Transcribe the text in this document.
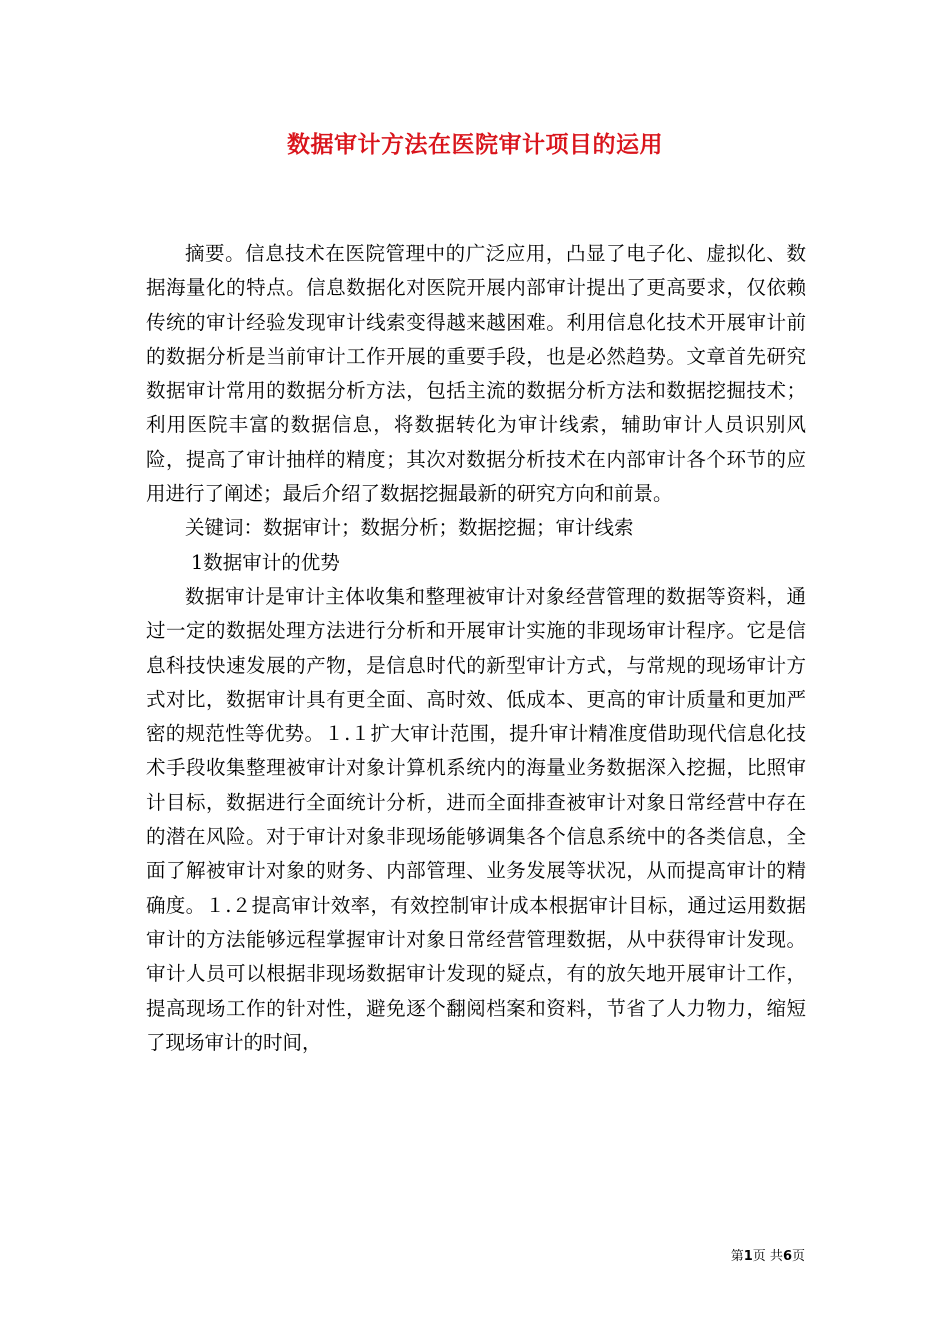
数据审计方法在医院审计项目的运用

摘要。信息技术在医院管理中的广泛应用，凸显了电子化、虚拟化、数据海量化的特点。信息数据化对医院开展内部审计提出了更高要求，仅依赖传统的审计经验发现审计线索变得越来越困难。利用信息化技术开展审计前的数据分析是当前审计工作开展的重要手段，也是必然趋势。文章首先研究数据审计常用的数据分析方法，包括主流的数据分析方法和数据挖掘技术；利用医院丰富的数据信息，将数据转化为审计线索，辅助审计人员识别风险，提高了审计抽样的精度；其次对数据分析技术在内部审计各个环节的应用进行了阐述；最后介绍了数据挖掘最新的研究方向和前景。

关键词：数据审计；数据分析；数据挖掘；审计线索

1数据审计的优势

数据审计是审计主体收集和整理被审计对象经营管理的数据等资料，通过一定的数据处理方法进行分析和开展审计实施的非现场审计程序。它是信息科技快速发展的产物，是信息时代的新型审计方式，与常规的现场审计方式对比，数据审计具有更全面、高时效、低成本、更高的审计质量和更加严密的规范性等优势。１.１扩大审计范围，提升审计精准度借助现代信息化技术手段收集整理被审计对象计算机系统内的海量业务数据深入挖掘，比照审计目标，数据进行全面统计分析，进而全面排查被审计对象日常经营中存在的潜在风险。对于审计对象非现场能够调集各个信息系统中的各类信息，全面了解被审计对象的财务、内部管理、业务发展等状况，从而提高审计的精确度。１.２提高审计效率，有效控制审计成本根据审计目标，通过运用数据审计的方法能够远程掌握审计对象日常经营管理数据，从中获得审计发现。审计人员可以根据非现场数据审计发现的疑点，有的放矢地开展审计工作，提高现场工作的针对性，避免逐个翻阅档案和资料，节省了人力物力，缩短了现场审计的时间，

第1页 共6页
